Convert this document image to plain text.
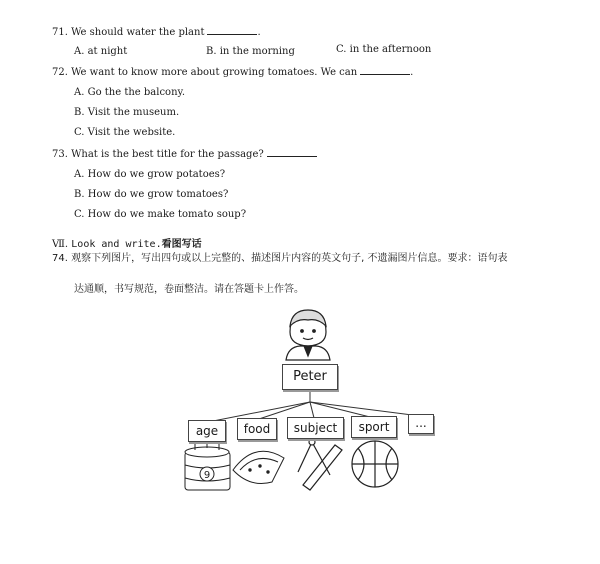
71. We should water the plant	.
A. at night	B. in the morning	C. in the afternoon
72. We want to know more about growing tomatoes. We can	.
A. Go the the balcony.
B. Visit the museum.
C. Visit the website.
73. What is the best title for the passage?
A. How do we grow potatoes?
B. How do we grow tomatoes?
C. How do we make tomato soup?
Ⅶ. Look and write.看图写话
74. 观察下列图片，写出四句或以上完整的、描述图片内容的英文句子, 不遗漏图片信息。要求：语句表
达通顺，书写规范，卷面整洁。请在答题卡上作答。
9
Peter
age	food	subject	sport	...
